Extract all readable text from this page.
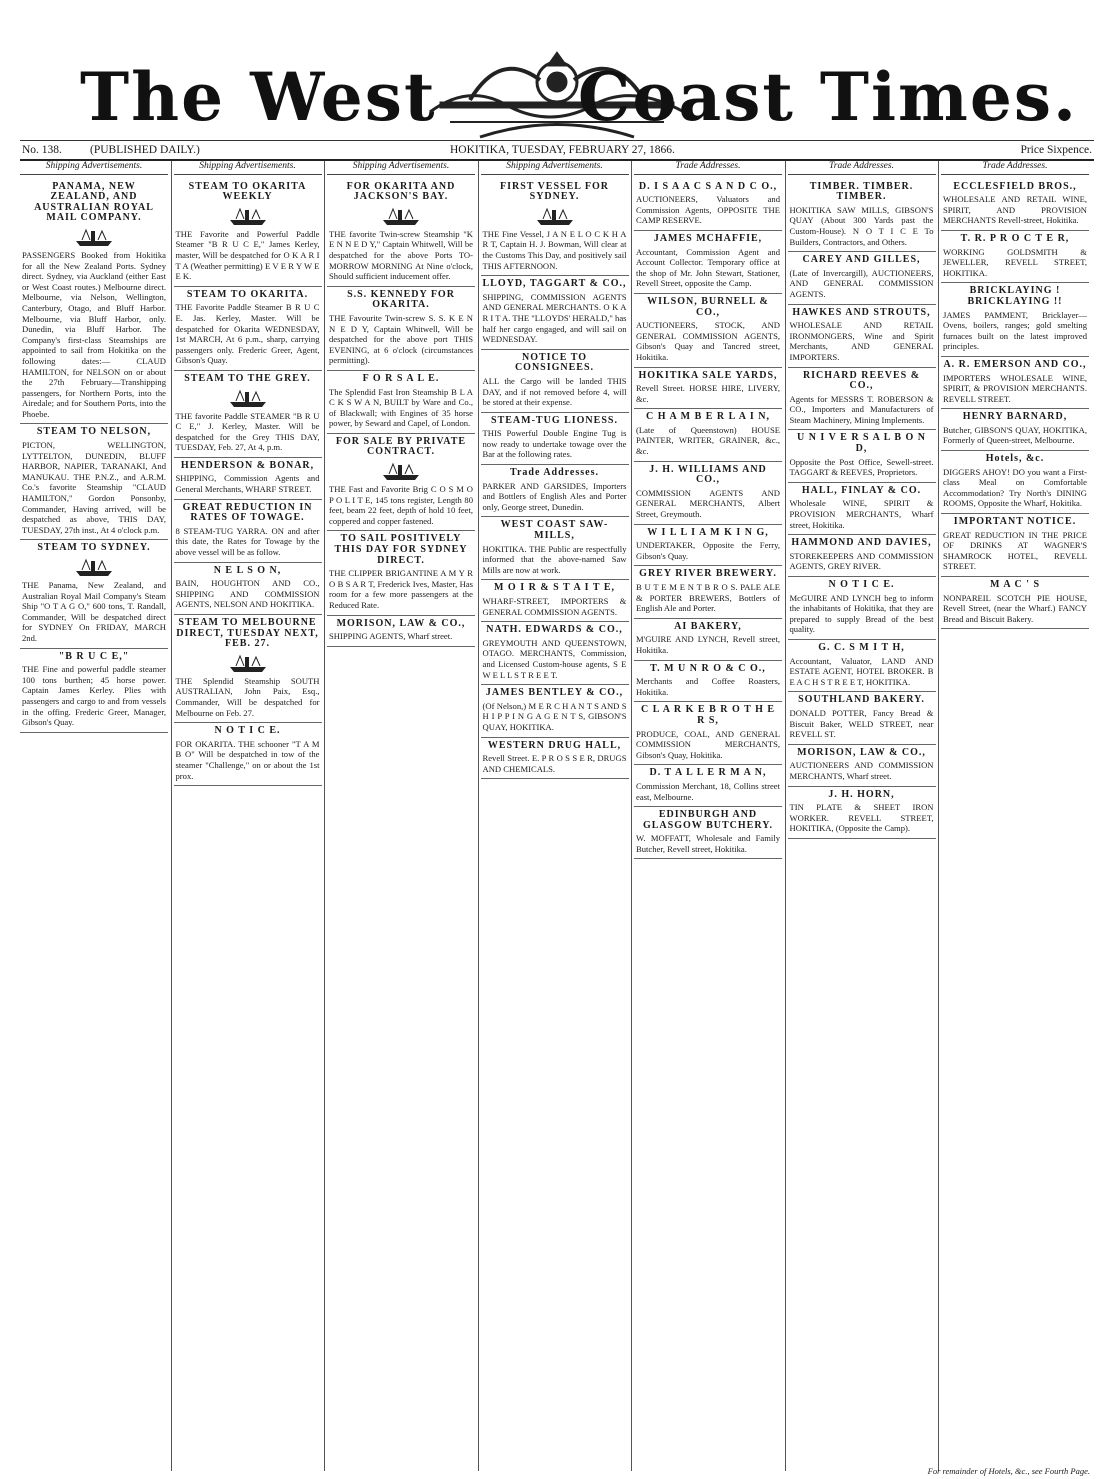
The West Coast Times.
No. 138. (PUBLISHED DAILY.)	HOKITIKA, TUESDAY, FEBRUARY 27, 1866.	Price Sixpence.
Shipping Advertisements.
PANAMA, NEW ZEALAND, AND AUSTRALIAN ROYAL MAIL COMPANY.
PASSENGERS Booked from Hokitika for all the New Zealand Ports. Sydney direct. Sydney, via Auckland (either East or West Coast routes.) Melbourne direct. Melbourne, via Nelson, Wellington, Canterbury, Otago, and Bluff Harbor. Melbourne, via Bluff Harbor, only. Dunedin, via Bluff Harbor. The Company's first-class Steamships are appointed to sail from Hokitika on the following dates:— CLAUD HAMILTON, for NELSON on or about the 27th February—Transhipping passengers, for Northern Ports, into the Airedale; and for Southern Ports, into the Phoebe.
STEAM TO NELSON,
PICTON, WELLINGTON, LYTTELTON, DUNEDIN, BLUFF HARBOR, NAPIER, TARANAKI, And MANUKAU. THE P.N.Z., and A.R.M. Co.'s favorite Steamship "CLAUD HAMILTON," Gordon Ponsonby, Commander, Having arrived, will be despatched as above, THIS DAY, TUESDAY, 27th inst., At 4 o'clock p.m.
STEAM TO SYDNEY.
THE Panama, New Zealand, and Australian Royal Mail Company's Steam Ship "O T A G O," 600 tons, T. Randall, Commander, Will be despatched direct for SYDNEY On FRIDAY, MARCH 2nd.
"B R U C E,"
THE Fine and powerful paddle steamer 100 tons burthen; 45 horse power. Captain James Kerley. Plies with passengers and cargo to and from vessels in the offing. Frederic Greer, Manager, Gibson's Quay.
Shipping Advertisements.
STEAM TO OKARITA WEEKLY
THE Favorite and Powerful Paddle Steamer "B R U C E," James Kerley, master, Will be despatched for O K A R I T A (Weather permitting) E V E R Y W E E K.
STEAM TO OKARITA.
THE Favorite Paddle Steamer B R U C E. Jas. Kerley, Master. Will be despatched for Okarita WEDNESDAY, 1st MARCH, At 6 p.m., sharp, carrying passengers only. Frederic Greer, Agent, Gibson's Quay.
STEAM TO THE GREY.
THE favorite Paddle STEAMER "B R U C E," J. Kerley, Master. Will be despatched for the Grey THIS DAY, TUESDAY, Feb. 27, At 4, p.m.
HENDERSON & BONAR,
SHIPPING, Commission Agents and General Merchants, WHARF STREET.
GREAT REDUCTION IN RATES OF TOWAGE.
8 STEAM-TUG YARRA. ON and after this date, the Rates for Towage by the above vessel will be as follow.
N E L S O N,
BAIN, HOUGHTON AND CO., SHIPPING AND COMMISSION AGENTS, NELSON AND HOKITIKA.
STEAM TO MELBOURNE DIRECT, TUESDAY NEXT, FEB. 27.
THE Splendid Steamship SOUTH AUSTRALIAN, John Paix, Esq., Commander, Will be despatched for Melbourne on Feb. 27.
N O T I C E.
FOR OKARITA. THE schooner "T A M B O" Will be despatched in tow of the steamer "Challenge," on or about the 1st prox.
Shipping Advertisements.
FOR OKARITA AND JACKSON'S BAY.
THE favorite Twin-screw Steamship "K E N N E D Y," Captain Whitwell, Will be despatched for the above Ports TO-MORROW MORNING At Nine o'clock, Should sufficient inducement offer.
S.S. KENNEDY FOR OKARITA.
THE Favourite Twin-screw S. S. K E N N E D Y, Captain Whitwell, Will be despatched for the above port THIS EVENING, at 6 o'clock (circumstances permitting).
F O R S A L E.
The Splendid Fast Iron Steamship B L A C K S W A N, BUILT by Ware and Co., of Blackwall; with Engines of 35 horse power, by Seward and Capel, of London.
FOR SALE BY PRIVATE CONTRACT.
THE Fast and Favorite Brig C O S M O P O L I T E, 145 tons register, Length 80 feet, beam 22 feet, depth of hold 10 feet, coppered and copper fastened.
TO SAIL POSITIVELY THIS DAY FOR SYDNEY DIRECT.
THE CLIPPER BRIGANTINE A M Y R O B S A R T, Frederick Ives, Master, Has room for a few more passengers at the Reduced Rate.
MORISON, LAW & CO.,
SHIPPING AGENTS, Wharf street.
Shipping Advertisements.
FIRST VESSEL FOR SYDNEY.
THE Fine Vessel, J A N E L O C K H A R T, Captain H. J. Bowman, Will clear at the Customs This Day, and positively sail THIS AFTERNOON.
LLOYD, TAGGART & CO.,
SHIPPING, COMMISSION AGENTS AND GENERAL MERCHANTS. O K A R I T A. THE "LLOYDS' HERALD," has half her cargo engaged, and will sail on WEDNESDAY.
NOTICE TO CONSIGNEES.
ALL the Cargo will be landed THIS DAY, and if not removed before 4, will be stored at their expense.
STEAM-TUG LIONESS.
THIS Powerful Double Engine Tug is now ready to undertake towage over the Bar at the following rates.
Trade Addresses.
PARKER AND GARSIDES, Importers and Bottlers of English Ales and Porter only, George street, Dunedin.
WEST COAST SAW-MILLS,
HOKITIKA. THE Public are respectfully informed that the above-named Saw Mills are now at work.
M O I R & S T A I T E,
WHARF-STREET, IMPORTERS & GENERAL COMMISSION AGENTS.
NATH. EDWARDS & CO.,
GREYMOUTH AND QUEENSTOWN, OTAGO. MERCHANTS, Commission, and Licensed Custom-house agents, S E W E L L S T R E E T.
JAMES BENTLEY & CO.,
(Of Nelson,) M E R C H A N T S AND S H I P P I N G A G E N T S, GIBSON'S QUAY, HOKITIKA.
WESTERN DRUG HALL,
Revell Street. E. P R O S S E R, DRUGS AND CHEMICALS.
Trade Addresses.
D. I S A A C S A N D C O.,
AUCTIONEERS, Valuators and Commission Agents, OPPOSITE THE CAMP RESERVE.
JAMES MCHAFFIE,
Accountant, Commission Agent and Account Collector. Temporary office at the shop of Mr. John Stewart, Stationer, Revell Street, opposite the Camp.
WILSON, BURNELL & CO.,
AUCTIONEERS, STOCK, AND GENERAL COMMISSION AGENTS, Gibson's Quay and Tancred street, Hokitika.
HOKITIKA SALE YARDS,
Revell Street. HORSE HIRE, LIVERY, &c.
C H A M B E R L A I N,
(Late of Queenstown) HOUSE PAINTER, WRITER, GRAINER, &c., &c.
J. H. WILLIAMS AND CO.,
COMMISSION AGENTS AND GENERAL MERCHANTS, Albert Street, Greymouth.
W I L L I A M K I N G,
UNDERTAKER, Opposite the Ferry, Gibson's Quay.
GREY RIVER BREWERY.
B U T E M E N T B R O S. PALE ALE & PORTER BREWERS, Bottlers of English Ale and Porter.
AI BAKERY,
M'GUIRE AND LYNCH, Revell street, Hokitika.
T. M U N R O & C O.,
Merchants and Coffee Roasters, Hokitika.
C L A R K E B R O T H E R S,
PRODUCE, COAL, AND GENERAL COMMISSION MERCHANTS, Gibson's Quay, Hokitika.
D. T A L L E R M A N,
Commission Merchant, 18, Collins street east, Melbourne.
EDINBURGH AND GLASGOW BUTCHERY.
W. MOFFATT, Wholesale and Family Butcher, Revell street, Hokitika.
Trade Addresses.
TIMBER. TIMBER. TIMBER.
HOKITIKA SAW MILLS, GIBSON'S QUAY (About 300 Yards past the Custom-House). N O T I C E To Builders, Contractors, and Others.
CAREY AND GILLES,
(Late of Invercargill), AUCTIONEERS, AND GENERAL COMMISSION AGENTS.
HAWKES AND STROUTS,
WHOLESALE AND RETAIL IRONMONGERS, Wine and Spirit Merchants, AND GENERAL IMPORTERS.
RICHARD REEVES & CO.,
Agents for MESSRS T. ROBERSON & CO., Importers and Manufacturers of Steam Machinery, Mining Implements.
U N I V E R S A L B O N D,
Opposite the Post Office, Sewell-street. TAGGART & REEVES, Proprietors.
HALL, FINLAY & CO.
Wholesale WINE, SPIRIT & PROVISION MERCHANTS, Wharf street, Hokitika.
HAMMOND AND DAVIES,
STOREKEEPERS AND COMMISSION AGENTS, GREY RIVER.
N O T I C E.
McGUIRE AND LYNCH beg to inform the inhabitants of Hokitika, that they are prepared to supply Bread of the best quality.
G. C. S M I T H,
Accountant, Valuator, LAND AND ESTATE AGENT, HOTEL BROKER. B E A C H S T R E E T, HOKITIKA.
SOUTHLAND BAKERY.
DONALD POTTER, Fancy Bread & Biscuit Baker, WELD STREET, near REVELL ST.
MORISON, LAW & CO.,
AUCTIONEERS AND COMMISSION MERCHANTS, Wharf street.
J. H. HORN,
TIN PLATE & SHEET IRON WORKER. REVELL STREET, HOKITIKA, (Opposite the Camp).
Trade Addresses.
ECCLESFIELD BROS.,
WHOLESALE AND RETAIL WINE, SPIRIT, AND PROVISION MERCHANTS Revell-street, Hokitika.
T. R. P R O C T E R,
WORKING GOLDSMITH & JEWELLER, REVELL STREET, HOKITIKA.
BRICKLAYING ! BRICKLAYING !!
JAMES PAMMENT, Bricklayer— Ovens, boilers, ranges; gold smelting furnaces built on the latest improved principles.
A. R. EMERSON AND CO.,
IMPORTERS WHOLESALE WINE, SPIRIT, & PROVISION MERCHANTS. REVELL STREET.
HENRY BARNARD,
Butcher, GIBSON'S QUAY, HOKITIKA, Formerly of Queen-street, Melbourne.
Hotels, &c.
DIGGERS AHOY! DO you want a First-class Meal on Comfortable Accommodation? Try North's DINING ROOMS, Opposite the Wharf, Hokitika.
IMPORTANT NOTICE.
GREAT REDUCTION IN THE PRICE OF DRINKS AT WAGNER'S SHAMROCK HOTEL, REVELL STREET.
M A C ' S
NONPAREIL SCOTCH PIE HOUSE, Revell Street, (near the Wharf.) FANCY Bread and Biscuit Bakery.
For remainder of Hotels, &c., see Fourth Page.
